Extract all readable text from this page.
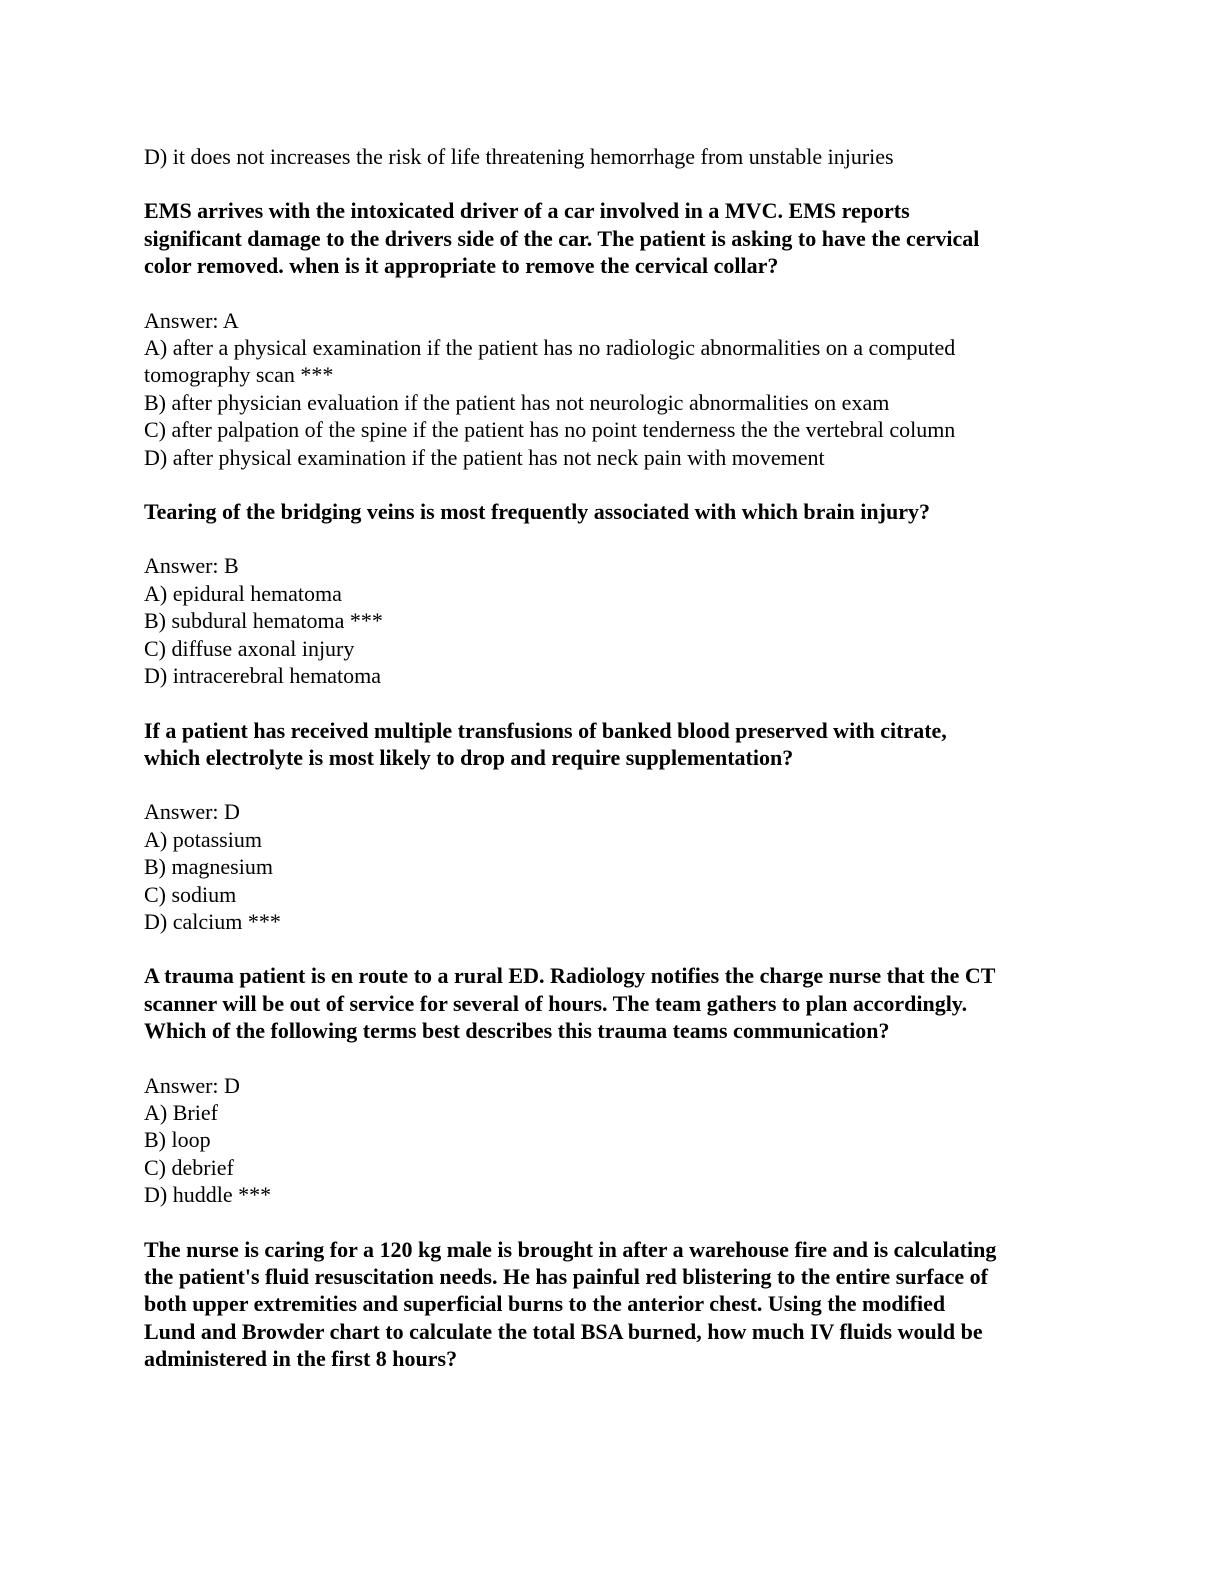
D) it does not increases the risk of life threatening hemorrhage from unstable injuries
EMS arrives with the intoxicated driver of a car involved in a MVC. EMS reports
significant damage to the drivers side of the car. The patient is asking to have the cervical
color removed. when is it appropriate to remove the cervical collar?
Answer: A
A) after a physical examination if the patient has no radiologic abnormalities on a computed
tomography scan ***
B) after physician evaluation if the patient has not neurologic abnormalities on exam
C) after palpation of the spine if the patient has no point tenderness the the vertebral column
D) after physical examination if the patient has not neck pain with movement
Tearing of the bridging veins is most frequently associated with which brain injury?
Answer: B
A) epidural hematoma
B) subdural hematoma ***
C) diffuse axonal injury
D) intracerebral hematoma
If a patient has received multiple transfusions of banked blood preserved with citrate,
which electrolyte is most likely to drop and require supplementation?
Answer: D
A) potassium
B) magnesium
C) sodium
D) calcium ***
A trauma patient is en route to a rural ED. Radiology notifies the charge nurse that the CT
scanner will be out of service for several of hours. The team gathers to plan accordingly.
Which of the following terms best describes this trauma teams communication?
Answer: D
A) Brief
B) loop
C) debrief
D) huddle ***
The nurse is caring for a 120 kg male is brought in after a warehouse fire and is calculating
the patient's fluid resuscitation needs. He has painful red blistering to the entire surface of
both upper extremities and superficial burns to the anterior chest. Using the modified
Lund and Browder chart to calculate the total BSA burned, how much IV fluids would be
administered in the first 8 hours?
